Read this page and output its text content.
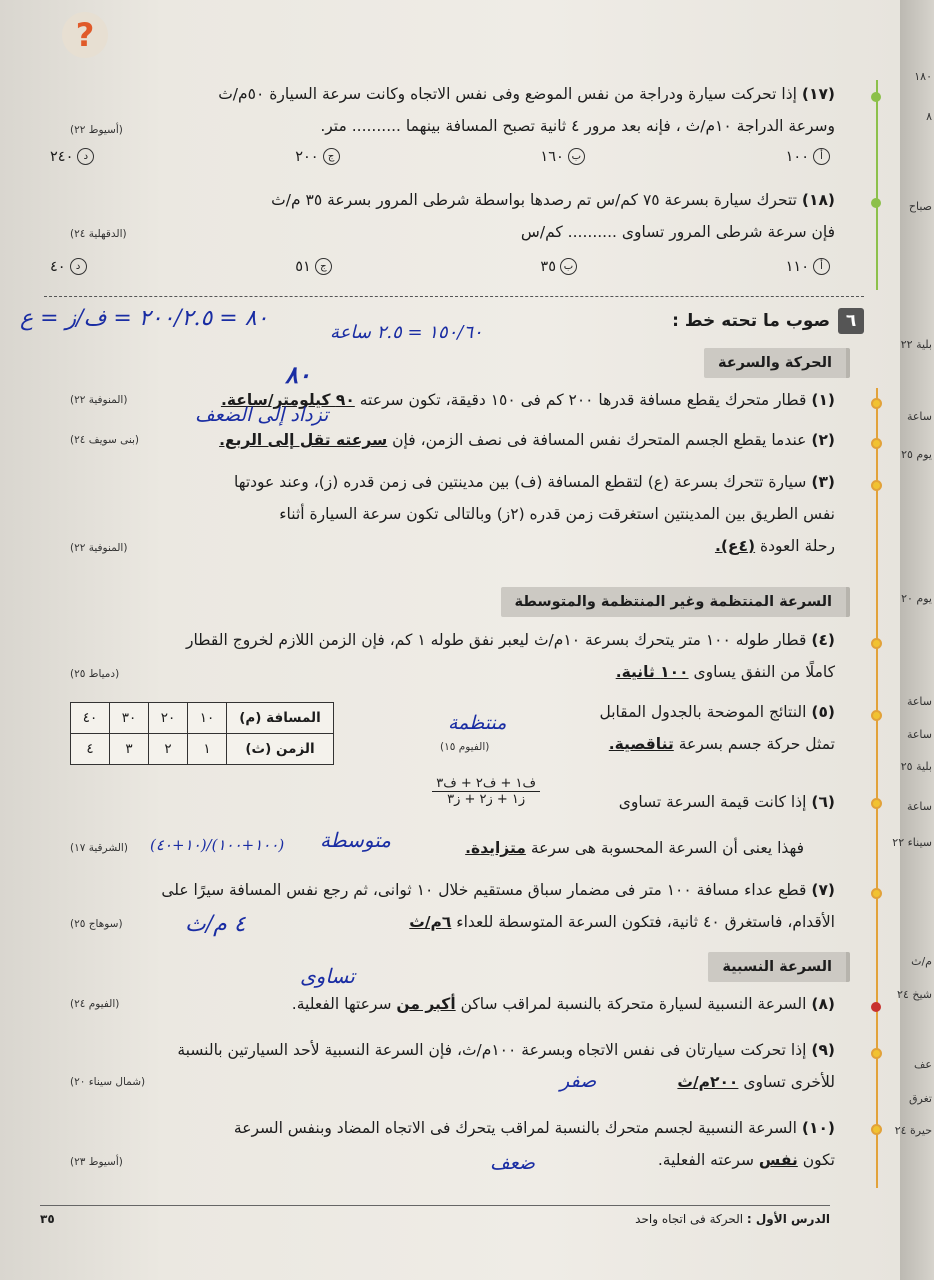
?
(١٧) إذا تحركت سيارة ودراجة من نفس الموضع وفى نفس الاتجاه وكانت سرعة السيارة ٥٠م/ث
وسرعة الدراجة ١٠م/ث ، فإنه بعد مرور ٤ ثانية تصبح المسافة بينهما .......... متر.
(أسيوط ٢٢)
أ
١٠٠
ب
١٦٠
ج
٢٠٠
د
٢٤٠
(١٨) تتحرك سيارة بسرعة ٧٥ كم/س تم رصدها بواسطة شرطى المرور بسرعة ٣٥ م/ث
فإن سرعة شرطى المرور تساوى .......... كم/س
(الدقهلية ٢٤)
أ
١١٠
ب
٣٥
ج
٥١
د
٤٠
٦
صوب ما تحته خط :
٨٠ = ٢٠٠/٢.٥ = ف/ز = ع
١٥٠/٦٠ = ٢.٥ ساعة
٨٠	الحركة والسرعة
(١) قطار متحرك يقطع مسافة قدرها ٢٠٠ كم فى ١٥٠ دقيقة، تكون سرعته ٩٠ كيلومتر/ساعة.
(المنوفية ٢٢)
تزداد إلى الضعف
(٢) عندما يقطع الجسم المتحرك نفس المسافة فى نصف الزمن، فإن سرعته تقل إلى الربع.
(بنى سويف ٢٤)
(٣) سيارة تتحرك بسرعة (ع) لتقطع المسافة (ف) بين مدينتين فى زمن قدره (ز)، وعند عودتها
نفس الطريق بين المدينتين استغرقت زمن قدره (٢ز) وبالتالى تكون سرعة السيارة أثناء
رحلة العودة (٤ع).
(المنوفية ٢٢)
السرعة المنتظمة وغير المنتظمة والمتوسطة
(٤) قطار طوله ١٠٠ متر يتحرك بسرعة ١٠م/ث ليعبر نفق طوله ١ كم، فإن الزمن اللازم لخروج القطار
كاملًا من النفق يساوى ١٠٠ ثانية.
(دمياط ٢٥)
(٥) النتائج الموضحة بالجدول المقابل
تمثل حركة جسم بسرعة تناقصية.
(الفيوم ١٥)
منتظمة
المسافة (م)	١٠	٢٠	٣٠	٤٠
الزمن (ث)	١	٢	٣	٤
(٦) إذا كانت قيمة السرعة تساوى
ف١ + ف٢ + ف٣
ز١ + ز٢ + ز٣
فهذا يعنى أن السرعة المحسوبة هى سرعة متزايدة.
(الشرقية ١٧)	متوسطة
(١٠٠+١٠٠)/(١٠+٤٠)
(٧) قطع عداء مسافة ١٠٠ متر فى مضمار سباق مستقيم خلال ١٠ ثوانى، ثم رجع نفس المسافة سيرًا على
الأقدام، فاستغرق ٤٠ ثانية، فتكون السرعة المتوسطة للعداء ٦م/ث
(سوهاج ٢٥)	٤ م/ث
السرعة النسبية
تساوى
(٨) السرعة النسبية لسيارة متحركة بالنسبة لمراقب ساكن أكبر من سرعتها الفعلية.
(الفيوم ٢٤)
(٩) إذا تحركت سيارتان فى نفس الاتجاه وبسرعة ١٠٠م/ث، فإن السرعة النسبية لأحد السيارتين بالنسبة
للأخرى تساوى ٢٠٠م/ث
(شمال سيناء ٢٠)	صفر
(١٠) السرعة النسبية لجسم متحرك بالنسبة لمراقب يتحرك فى الاتجاه المضاد وبنفس السرعة
تكون نفس سرعته الفعلية.
(أسيوط ٢٣)	ضعف
الدرس الأول : الحركة فى اتجاه واحد
٣٥
١٨٠
٨
صباح
بلية ٢٢
ساعة
يوم ٢٥
يوم ٢٠
ساعة
ساعة
بلية ٢٥
ساعة
سيناء ٢٢
م/ث
شيخ ٢٤
عف
تغرق
حيرة ٢٤
